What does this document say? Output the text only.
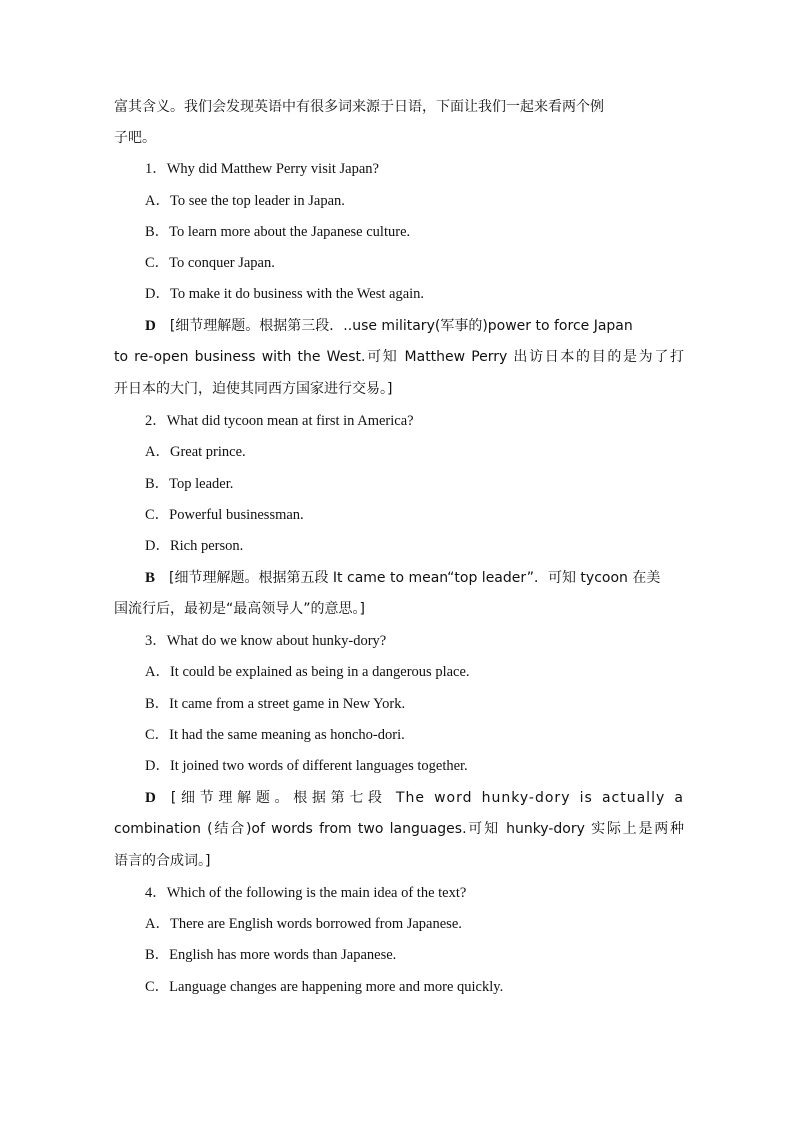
富其含义。我们会发现英语中有很多词来源于日语，下面让我们一起来看两个例
子吧。
1．Why did Matthew Perry visit Japan?
A．To see the top leader in Japan.
B．To learn more about the Japanese culture.
C．To conquer Japan.
D．To make it do business with the West again.
D [细节理解题。根据第三段．..use military(军事的)power to force Japan
to re-open business with the West.可知 Matthew Perry 出访日本的目的是为了打
开日本的大门，迫使其同西方国家进行交易。]
2．What did tycoon mean at first in America?
A．Great prince.
B．Top leader.
C．Powerful businessman.
D．Rich person.
B [细节理解题。根据第五段 It came to mean“top leader”．可知 tycoon 在美
国流行后，最初是“最高领导人”的意思。]
3．What do we know about hunky-dory?
A．It could be explained as being in a dangerous place.
B．It came from a street game in New York.
C．It had the same meaning as honcho-dori.
D．It joined two words of different languages together.
D [细节理解题。根据第七段 The word hunky-dory is actually a
combination (结合)of words from two languages.可知 hunky-dory 实际上是两种
语言的合成词。]
4．Which of the following is the main idea of the text?
A．There are English words borrowed from Japanese.
B．English has more words than Japanese.
C．Language changes are happening more and more quickly.
